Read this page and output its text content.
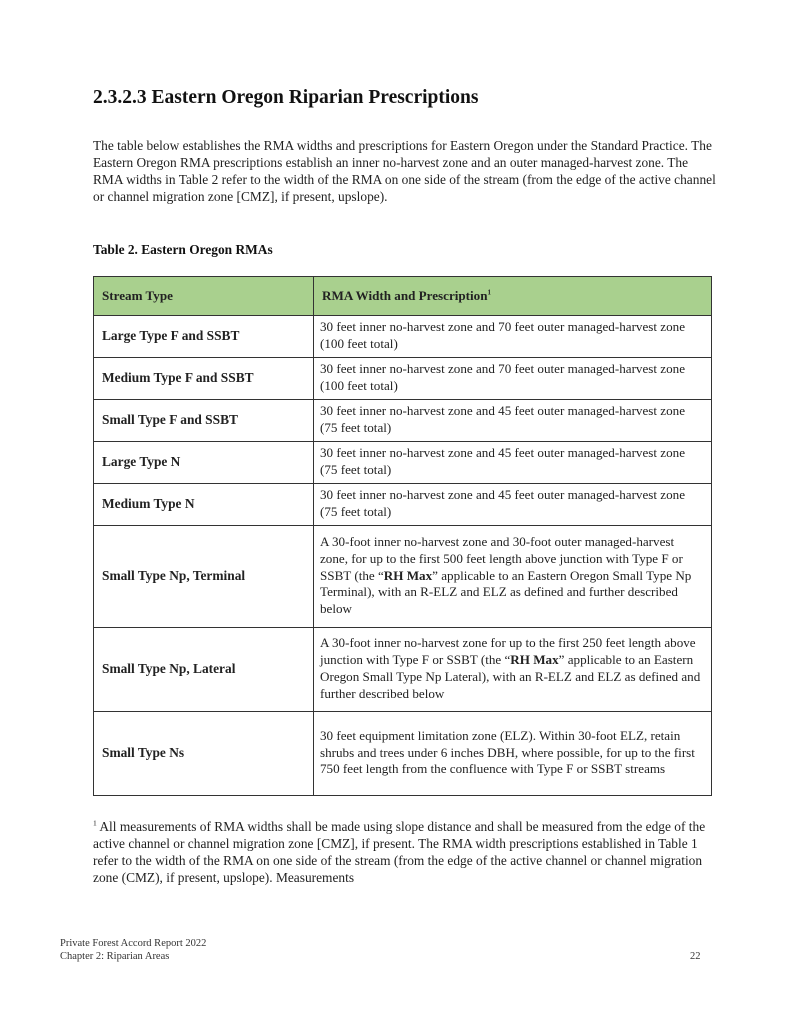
2.3.2.3 Eastern Oregon Riparian Prescriptions

The table below establishes the RMA widths and prescriptions for Eastern Oregon under the Standard Practice. The Eastern Oregon RMA prescriptions establish an inner no-harvest zone and an outer managed-harvest zone. The RMA widths in Table 2 refer to the width of the RMA on one side of the stream (from the edge of the active channel or channel migration zone [CMZ], if present, upslope).

Table 2. Eastern Oregon RMAs

Stream Type	RMA Width and Prescription$^1$
Large Type F and SSBT	30 feet inner no-harvest zone and 70 feet outer managed-harvest zone (100 feet total)
Medium Type F and SSBT	30 feet inner no-harvest zone and 70 feet outer managed-harvest zone (100 feet total)
Small Type F and SSBT	30 feet inner no-harvest zone and 45 feet outer managed-harvest zone (75 feet total)
Large Type N	30 feet inner no-harvest zone and 45 feet outer managed-harvest zone (75 feet total)
Medium Type N	30 feet inner no-harvest zone and 45 feet outer managed-harvest zone (75 feet total)
Small Type Np, Terminal	A 30-foot inner no-harvest zone and 30-foot outer managed-harvest zone, for up to the first 500 feet length above junction with Type F or SSBT (the “RH Max” applicable to an Eastern Oregon Small Type Np Terminal), with an R-ELZ and ELZ as defined and further described below
Small Type Np, Lateral	A 30-foot inner no-harvest zone for up to the first 250 feet length above junction with Type F or SSBT (the “RH Max” applicable to an Eastern Oregon Small Type Np Lateral), with an R-ELZ and ELZ as defined and further described below
Small Type Ns	30 feet equipment limitation zone (ELZ). Within 30-foot ELZ, retain shrubs and trees under 6 inches DBH, where possible, for up to the first 750 feet length from the confluence with Type F or SSBT streams

$^1$ All measurements of RMA widths shall be made using slope distance and shall be measured from the edge of the active channel or channel migration zone [CMZ], if present. The RMA width prescriptions established in Table 1 refer to the width of the RMA on one side of the stream (from the edge of the active channel or channel migration zone (CMZ), if present, upslope). Measurements

Private Forest Accord Report 2022
Chapter 2: Riparian Areas	22
